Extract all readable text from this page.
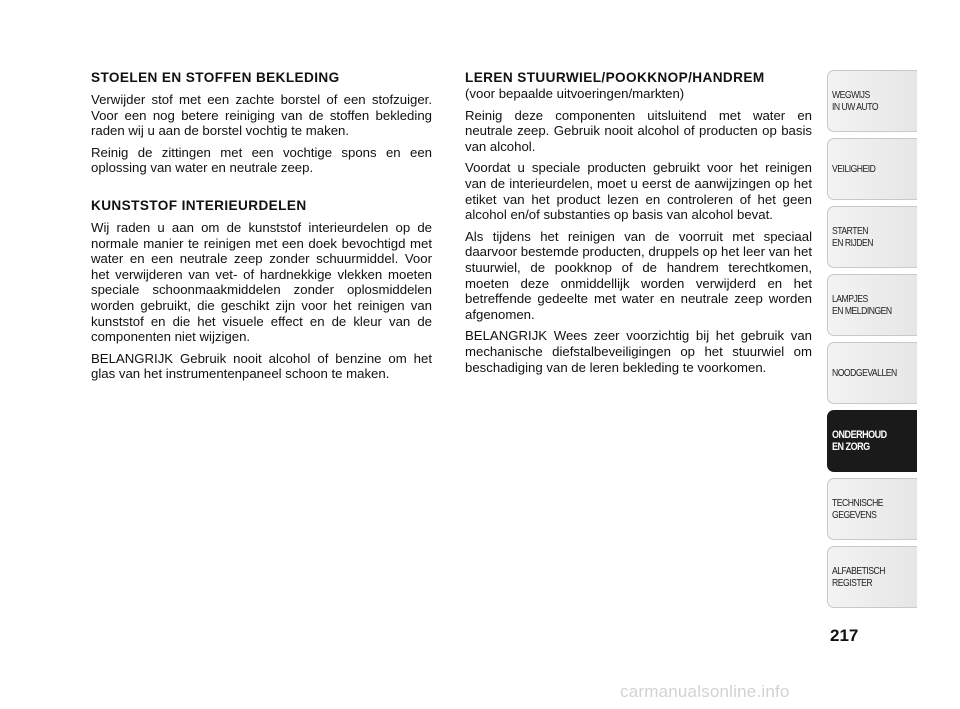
STOELEN EN STOFFEN BEKLEDING

Verwijder stof met een zachte borstel of een stofzuiger. Voor een nog betere reiniging van de stoffen bekleding raden wij u aan de borstel vochtig te maken.

Reinig de zittingen met een vochtige spons en een oplossing van water en neutrale zeep.

KUNSTSTOF INTERIEURDELEN

Wij raden u aan om de kunststof interieurdelen op de normale manier te reinigen met een doek bevochtigd met water en een neutrale zeep zonder schuurmiddel. Voor het verwijderen van vet- of hardnekkige vlekken moeten speciale schoonmaakmiddelen zonder oplosmiddelen worden gebruikt, die geschikt zijn voor het reinigen van kunststof en die het visuele effect en de kleur van de componenten niet wijzigen.

BELANGRIJK Gebruik nooit alcohol of benzine om het glas van het instrumentenpaneel schoon te maken.

LEREN STUURWIEL/POOKKNOP/HANDREM

(voor bepaalde uitvoeringen/markten)

Reinig deze componenten uitsluitend met water en neutrale zeep. Gebruik nooit alcohol of producten op basis van alcohol.

Voordat u speciale producten gebruikt voor het reinigen van de interieurdelen, moet u eerst de aanwijzingen op het etiket van het product lezen en controleren of het geen alcohol en/of substanties op basis van alcohol bevat.

Als tijdens het reinigen van de voorruit met speciaal daarvoor bestemde producten, druppels op het leer van het stuurwiel, de pookknop of de handrem terechtkomen, moeten deze onmiddellijk worden verwijderd en het betreffende gedeelte met water en neutrale zeep worden afgenomen.

BELANGRIJK Wees zeer voorzichtig bij het gebruik van mechanische diefstalbeveiligingen op het stuurwiel om beschadiging van de leren bekleding te voorkomen.

WEGWIJS
IN UW AUTO
VEILIGHEID
STARTEN
EN RIJDEN
LAMPJES
EN MELDINGEN
NOODGEVALLEN
ONDERHOUD
EN ZORG
TECHNISCHE
GEGEVENS
ALFABETISCH
REGISTER
217
carmanualsonline.info
